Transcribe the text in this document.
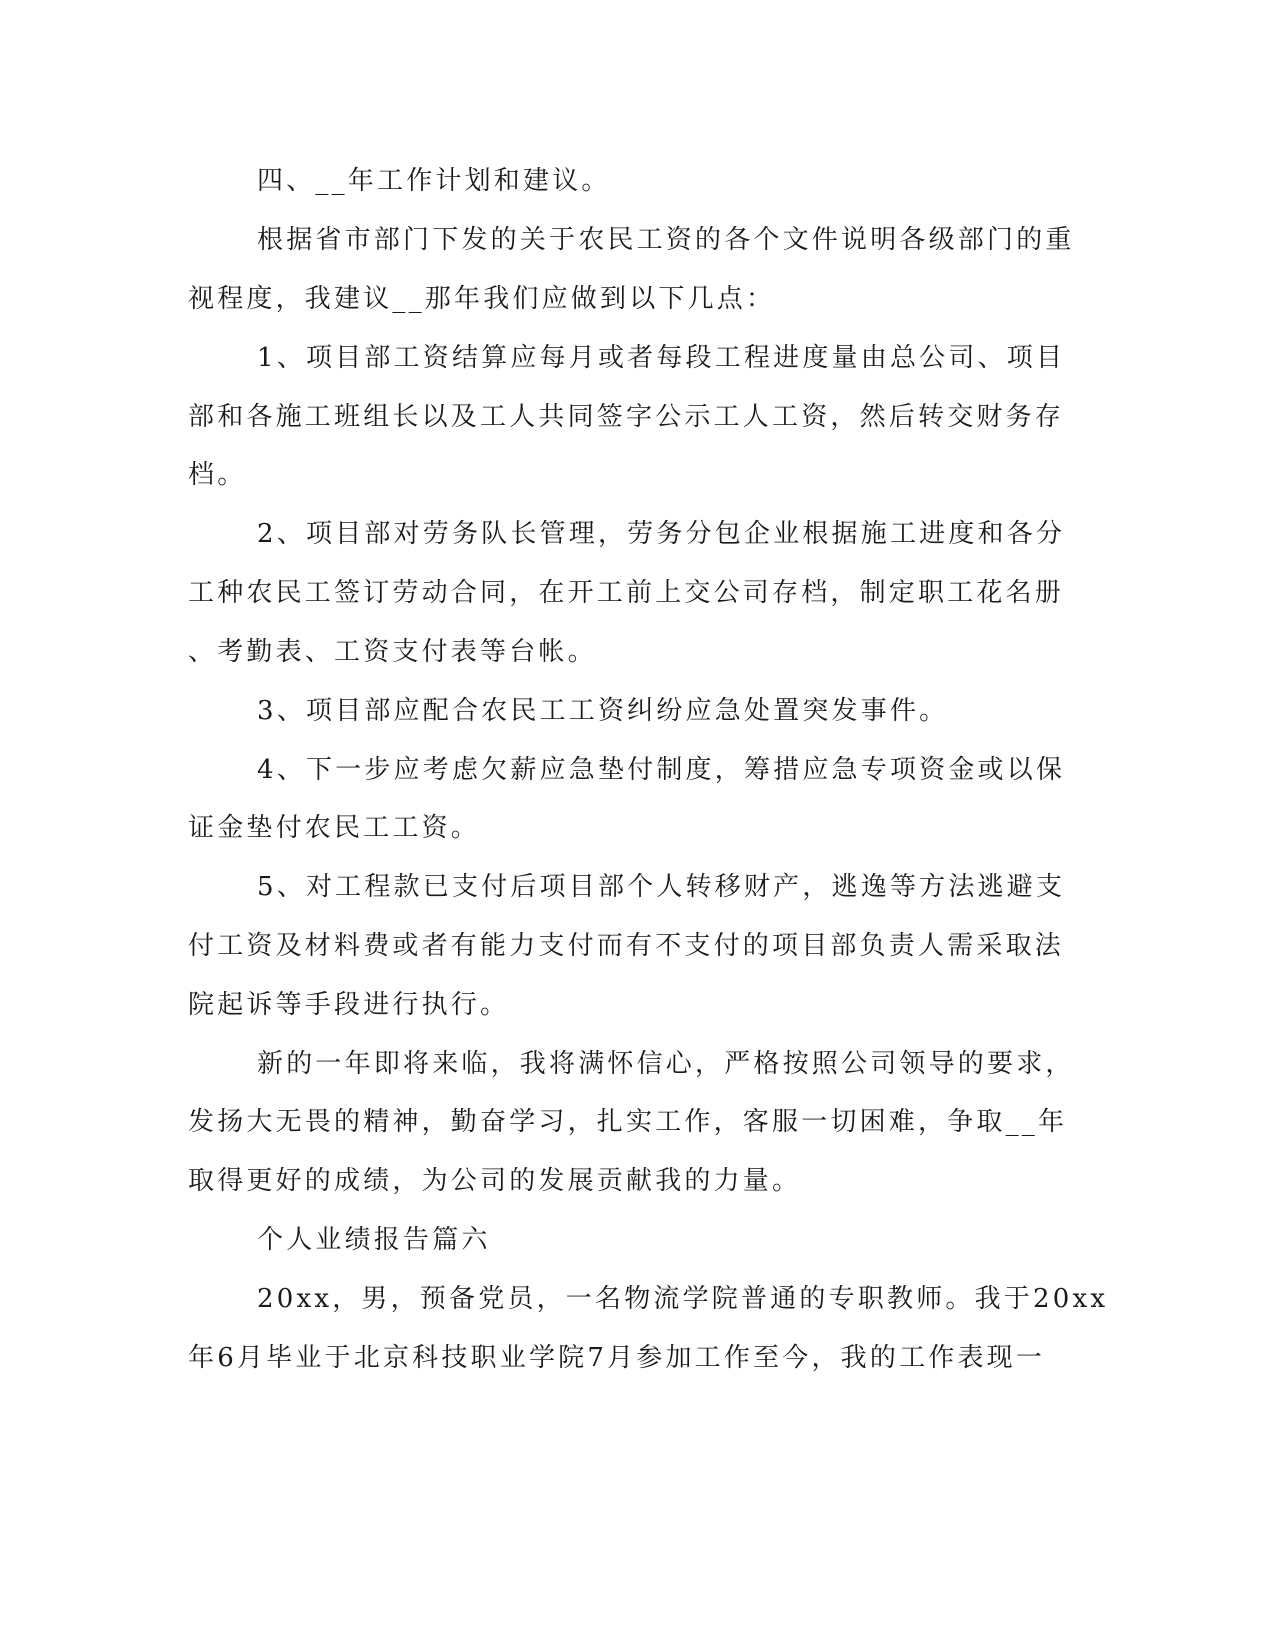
四、__年工作计划和建议。
根据省市部门下发的关于农民工资的各个文件说明各级部门的重
视程度，我建议__那年我们应做到以下几点：
1、项目部工资结算应每月或者每段工程进度量由总公司、项目
部和各施工班组长以及工人共同签字公示工人工资，然后转交财务存
档。
2、项目部对劳务队长管理，劳务分包企业根据施工进度和各分
工种农民工签订劳动合同，在开工前上交公司存档，制定职工花名册
、考勤表、工资支付表等台帐。
3、项目部应配合农民工工资纠纷应急处置突发事件。
4、下一步应考虑欠薪应急垫付制度，筹措应急专项资金或以保
证金垫付农民工工资。
5、对工程款已支付后项目部个人转移财产，逃逸等方法逃避支
付工资及材料费或者有能力支付而有不支付的项目部负责人需采取法
院起诉等手段进行执行。
新的一年即将来临，我将满怀信心，严格按照公司领导的要求，
发扬大无畏的精神，勤奋学习，扎实工作，客服一切困难，争取__年
取得更好的成绩，为公司的发展贡献我的力量。
个人业绩报告篇六
20xx，男，预备党员，一名物流学院普通的专职教师。我于20xx
年6月毕业于北京科技职业学院7月参加工作至今，我的工作表现一
